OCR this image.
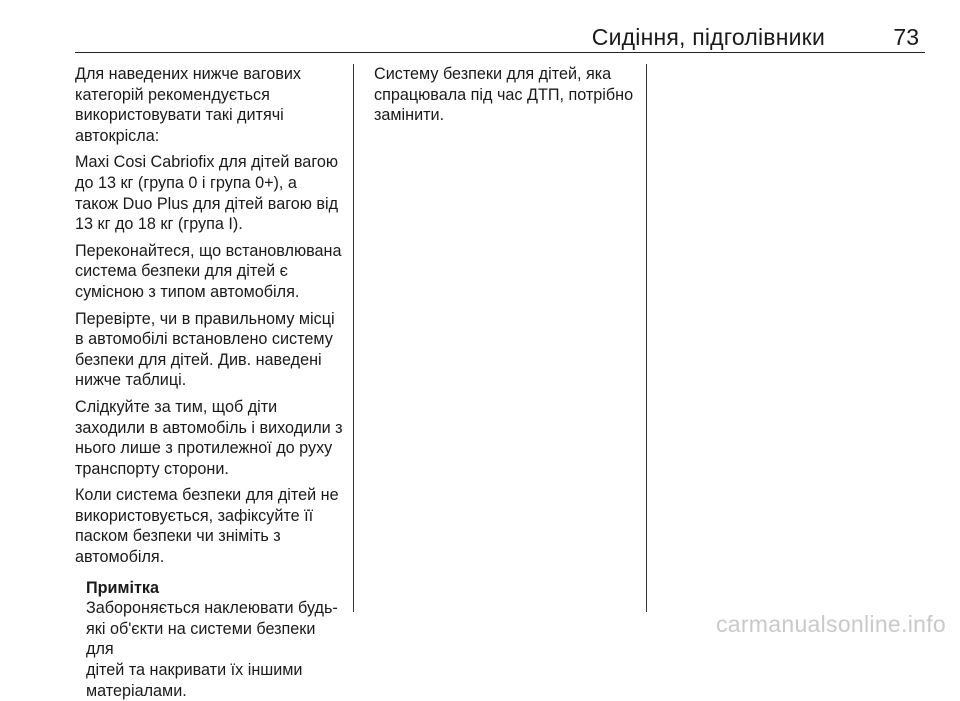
Сидіння, підголівники	73

Для наведених нижче вагових
категорій рекомендується
використовувати такі дитячі
автокрісла:

Maxi Cosi Cabriofix для дітей вагою
до 13 кг (група 0 і група 0+), а
також Duo Plus для дітей вагою від
13 кг до 18 кг (група I).

Переконайтеся, що встановлювана
система безпеки для дітей є
сумісною з типом автомобіля.

Перевірте, чи в правильному місці
в автомобілі встановлено систему
безпеки для дітей. Див. наведені
нижче таблиці.

Слідкуйте за тим, щоб діти
заходили в автомобіль і виходили з
нього лише з протилежної до руху
транспорту сторони.

Коли система безпеки для дітей не
використовується, зафіксуйте її
паском безпеки чи зніміть з
автомобіля.

Примітка

Забороняється наклеювати будь-
які об'єкти на системи безпеки для
дітей та накривати їх іншими
матеріалами.

Систему безпеки для дітей, яка
спрацювала під час ДТП, потрібно
замінити.

carmanualsonline.info
